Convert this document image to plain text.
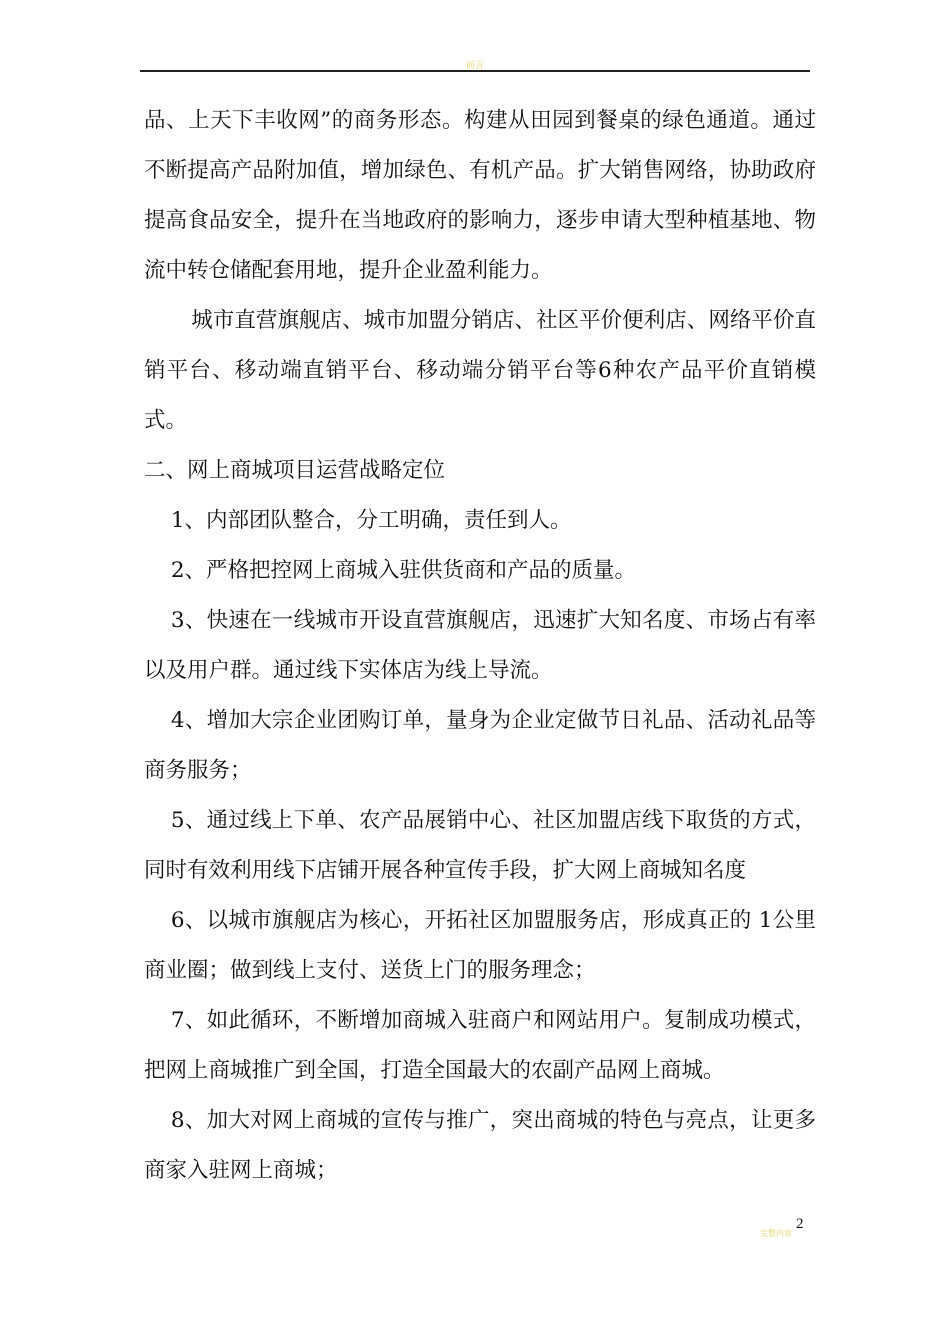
前言

品、上天下丰收网”的商务形态。构建从田园到餐桌的绿色通道。通过不断提高产品附加值，增加绿色、有机产品。扩大销售网络，协助政府提高食品安全，提升在当地政府的影响力，逐步申请大型种植基地、物流中转仓储配套用地，提升企业盈利能力。

城市直营旗舰店、城市加盟分销店、社区平价便利店、网络平价直销平台、移动端直销平台、移动端分销平台等6种农产品平价直销模式。

二、网上商城项目运营战略定位

1、内部团队整合，分工明确，责任到人。

2、严格把控网上商城入驻供货商和产品的质量。

3、快速在一线城市开设直营旗舰店，迅速扩大知名度、市场占有率以及用户群。通过线下实体店为线上导流。

4、增加大宗企业团购订单，量身为企业定做节日礼品、活动礼品等商务服务；

5、通过线上下单、农产品展销中心、社区加盟店线下取货的方式，同时有效利用线下店铺开展各种宣传手段，扩大网上商城知名度

6、以城市旗舰店为核心，开拓社区加盟服务店，形成真正的 1公里商业圈；做到线上支付、送货上门的服务理念；

7、如此循环，不断增加商城入驻商户和网站用户。复制成功模式，把网上商城推广到全国，打造全国最大的农副产品网上商城。

8、加大对网上商城的宣传与推广，突出商城的特色与亮点，让更多商家入驻网上商城；

完整内容
2
